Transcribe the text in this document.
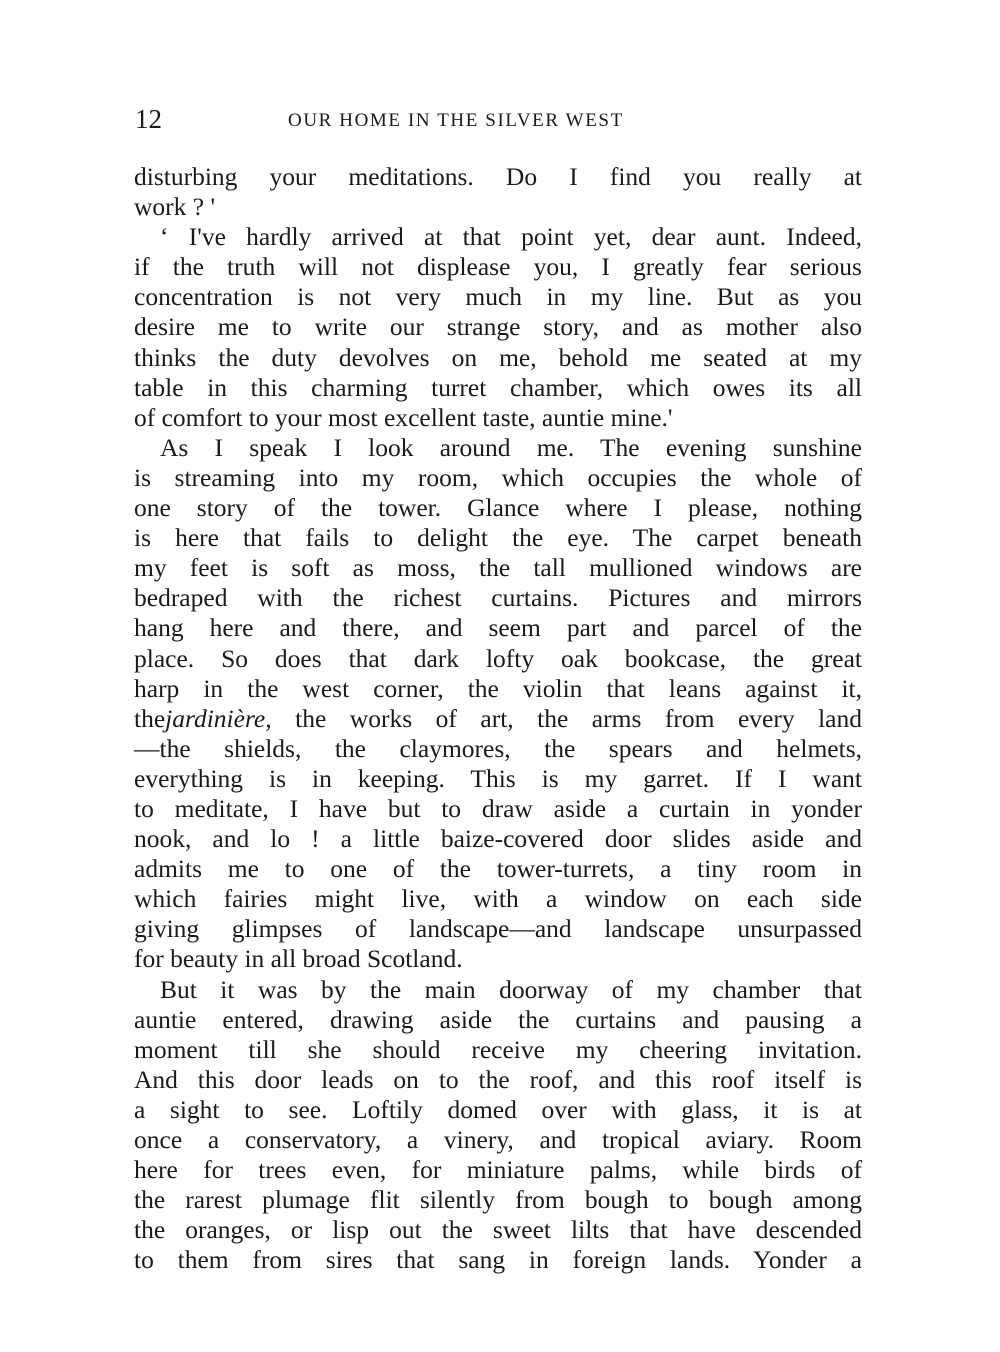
12	OUR HOME IN THE SILVER WEST
disturbing your meditations. Do I find you really at
work ? '
‘ I've hardly arrived at that point yet, dear aunt. Indeed,
if the truth will not displease you, I greatly fear serious
concentration is not very much in my line. But as you
desire me to write our strange story, and as mother also
thinks the duty devolves on me, behold me seated at my
table in this charming turret chamber, which owes its all
of comfort to your most excellent taste, auntie mine.'
As I speak I look around me. The evening sunshine
is streaming into my room, which occupies the whole of
one story of the tower. Glance where I please, nothing
is here that fails to delight the eye. The carpet beneath
my feet is soft as moss, the tall mullioned windows are
bedraped with the richest curtains. Pictures and mirrors
hang here and there, and seem part and parcel of the
place. So does that dark lofty oak bookcase, the great
harp in the west corner, the violin that leans against it,
thejardinière, the works of art, the arms from every land
—the shields, the claymores, the spears and helmets,
everything is in keeping. This is my garret. If I want
to meditate, I have but to draw aside a curtain in yonder
nook, and lo ! a little baize-covered door slides aside and
admits me to one of the tower-turrets, a tiny room in
which fairies might live, with a window on each side
giving glimpses of landscape—and landscape unsurpassed
for beauty in all broad Scotland.
But it was by the main doorway of my chamber that
auntie entered, drawing aside the curtains and pausing a
moment till she should receive my cheering invitation.
And this door leads on to the roof, and this roof itself is
a sight to see. Loftily domed over with glass, it is at
once a conservatory, a vinery, and tropical aviary. Room
here for trees even, for miniature palms, while birds of
the rarest plumage flit silently from bough to bough among
the oranges, or lisp out the sweet lilts that have descended
to them from sires that sang in foreign lands. Yonder a
